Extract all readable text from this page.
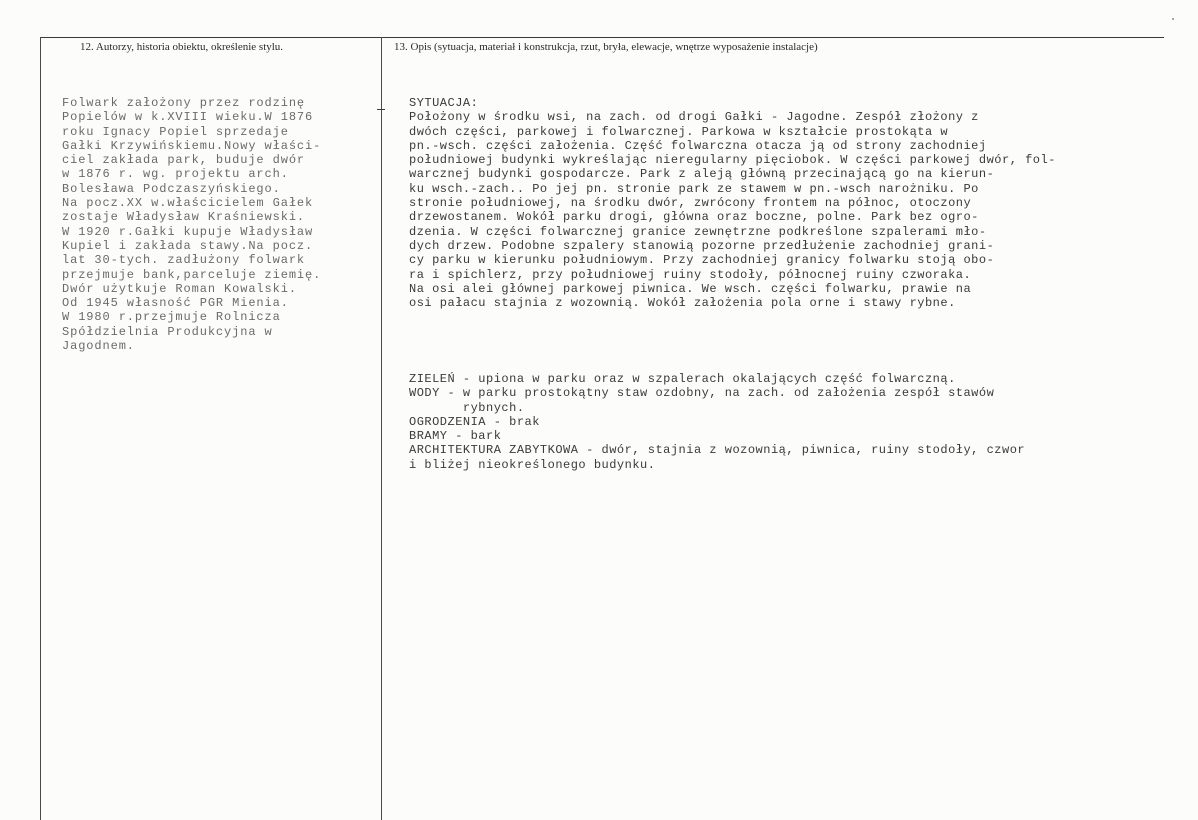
12. Autorzy, historia obiektu, określenie stylu.	13. Opis (sytuacja, materiał i konstrukcja, rzut, bryła, elewacje, wnętrze wyposażenie instalacje)
Folwark założony przez rodzinę
Popielów w k.XVIII wieku.W 1876
roku Ignacy Popiel sprzedaje
Gałki Krzywińskiemu.Nowy właści-
ciel zakłada park, buduje dwór
w 1876 r. wg. projektu arch.
Bolesława Podczaszyńskiego.
Na pocz.XX w.właścicielem Gałek
zostaje Władysław Kraśniewski.
W 1920 r.Gałki kupuje Władysław
Kupiel i zakłada stawy.Na pocz.
lat 30-tych. zadłużony folwark
przejmuje bank,parceluje ziemię.
Dwór użytkuje Roman Kowalski.
Od 1945 własność PGR Mienia.
W 1980 r.przejmuje Rolnicza
Spółdzielnia Produkcyjna w
Jagodnem.
SYTUACJA:
Położony w środku wsi, na zach. od drogi Gałki - Jagodne. Zespół złożony z
dwóch części, parkowej i folwarcznej. Parkowa w kształcie prostokąta w
pn.-wsch. części założenia. Część folwarczna otacza ją od strony zachodniej
południowej budynki wykreślając nieregularny pięciobok. W części parkowej dwór, fol-
warcznej budynki gospodarcze. Park z aleją główną przecinającą go na kierun-
ku wsch.-zach.. Po jej pn. stronie park ze stawem w pn.-wsch narożniku. Po
stronie południowej, na środku dwór, zwrócony frontem na północ, otoczony
drzewostanem. Wokół parku drogi, główna oraz boczne, polne. Park bez ogro-
dzenia. W części folwarcznej granice zewnętrzne podkreślone szpalerami mło-
dych drzew. Podobne szpalery stanowią pozorne przedłużenie zachodniej grani-
cy parku w kierunku południowym. Przy zachodniej granicy folwarku stoją obo-
ra i spichlerz, przy południowej ruiny stodoły, północnej ruiny czworaka.
Na osi alei głównej parkowej piwnica. We wsch. części folwarku, prawie na
osi pałacu stajnia z wozownią. Wokół założenia pola orne i stawy rybne.
ZIELEŃ - upiona w parku oraz w szpalerach okalających część folwarczną.
WODY - w parku prostokątny staw ozdobny, na zach. od założenia zespół stawów
rybnych.
OGRODZENIA - brak
BRAMY - bark
ARCHITEKTURA ZABYTKOWA - dwór, stajnia z wozownią, piwnica, ruiny stodoły, czwor
i bliżej nieokreślonego budynku.
